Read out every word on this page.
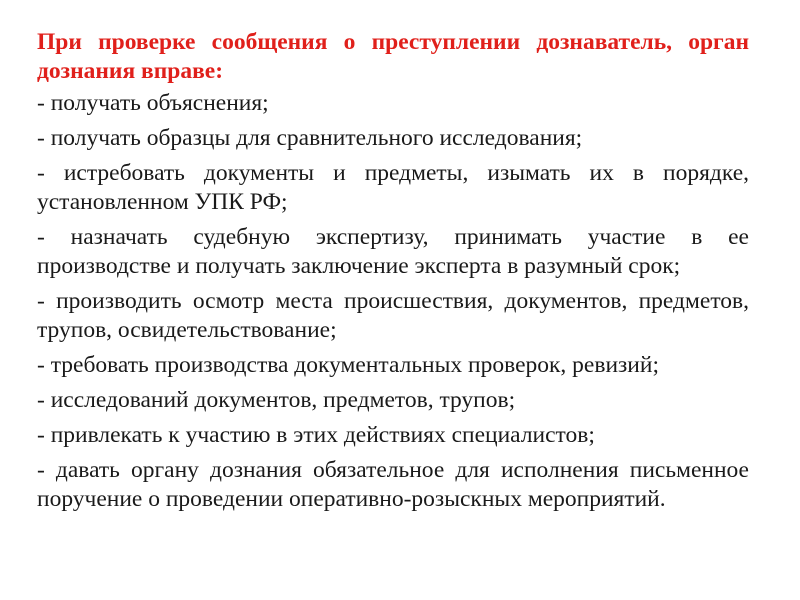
При проверке сообщения о преступлении дознаватель, орган дознания вправе:
- получать объяснения;
- получать образцы для сравнительного исследования;
- истребовать документы и предметы, изымать их в порядке, установленном УПК РФ;
- назначать судебную экспертизу, принимать участие в ее производстве и получать заключение эксперта в разумный срок;
- производить осмотр места происшествия, документов, предметов, трупов, освидетельствование;
- требовать производства документальных проверок, ревизий;
- исследований документов, предметов, трупов;
- привлекать к участию в этих действиях специалистов;
- давать органу дознания обязательное для исполнения письменное поручение о проведении оперативно-розыскных мероприятий.
